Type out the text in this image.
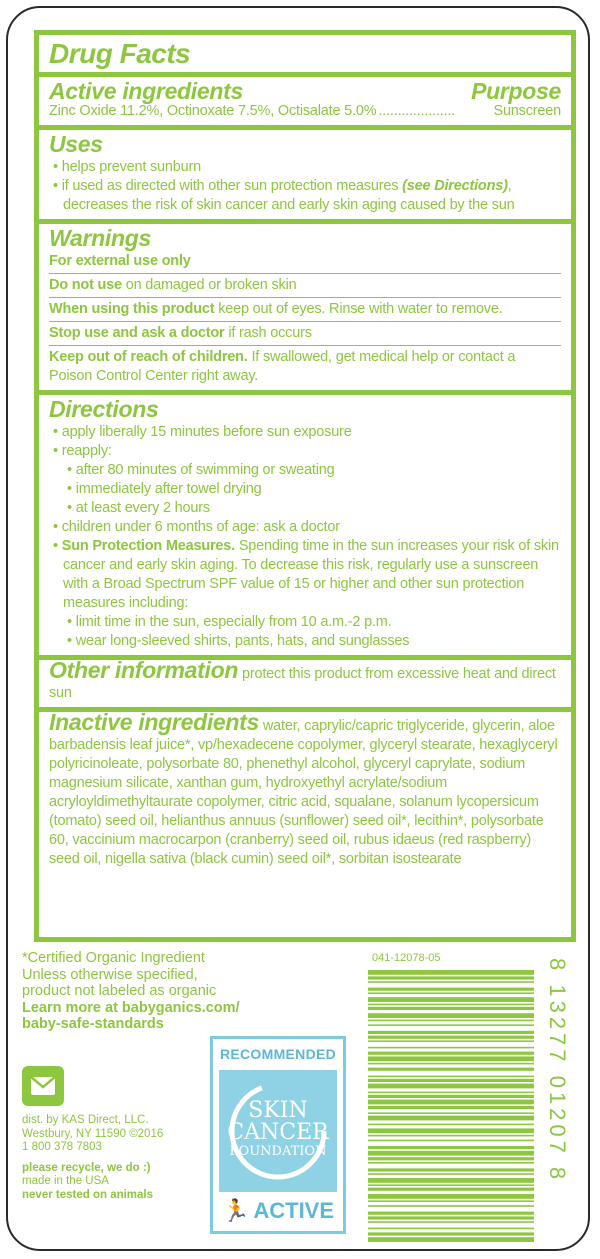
Drug Facts
Active ingredients	Purpose
Zinc Oxide 11.2%, Octinoxate 7.5%, Octisalate 5.0% ....................	Sunscreen
Uses
• helps prevent sunburn
• if used as directed with other sun protection measures (see Directions), decreases the risk of skin cancer and early skin aging caused by the sun
Warnings
For external use only
Do not use on damaged or broken skin
When using this product keep out of eyes. Rinse with water to remove.
Stop use and ask a doctor if rash occurs
Keep out of reach of children. If swallowed, get medical help or contact a Poison Control Center right away.
Directions
• apply liberally 15 minutes before sun exposure
• reapply:
• after 80 minutes of swimming or sweating
• immediately after towel drying
• at least every 2 hours
• children under 6 months of age: ask a doctor
• Sun Protection Measures. Spending time in the sun increases your risk of skin cancer and early skin aging. To decrease this risk, regularly use a sunscreen with a Broad Spectrum SPF value of 15 or higher and other sun protection measures including:
• limit time in the sun, especially from 10 a.m.-2 p.m.
• wear long-sleeved shirts, pants, hats, and sunglasses
Other information protect this product from excessive heat and direct sun
Inactive ingredients water, caprylic/capric triglyceride, glycerin, aloe barbadensis leaf juice*, vp/hexadecene copolymer, glyceryl stearate, hexaglyceryl polyricinoleate, polysorbate 80, phenethyl alcohol, glyceryl caprylate, sodium magnesium silicate, xanthan gum, hydroxyethyl acrylate/sodium acryloyldimethyltaurate copolymer, citric acid, squalane, solanum lycopersicum (tomato) seed oil, helianthus annuus (sunflower) seed oil*, lecithin*, polysorbate 60, vaccinium macrocarpon (cranberry) seed oil, rubus idaeus (red raspberry) seed oil, nigella sativa (black cumin) seed oil*, sorbitan isostearate
*Certified Organic Ingredient
Unless otherwise specified,
product not labeled as organic
Learn more at babyganics.com/
baby-safe-standards
dist. by KAS Direct, LLC.
Westbury, NY 11590 ©2016
1 800 378 7803
please recycle, we do :)
made in the USA
never tested on animals
RECOMMENDED
SKIN
CANCER
FOUNDATION
🏃 ACTIVE
041-12078-05	8 13277 01207 8
